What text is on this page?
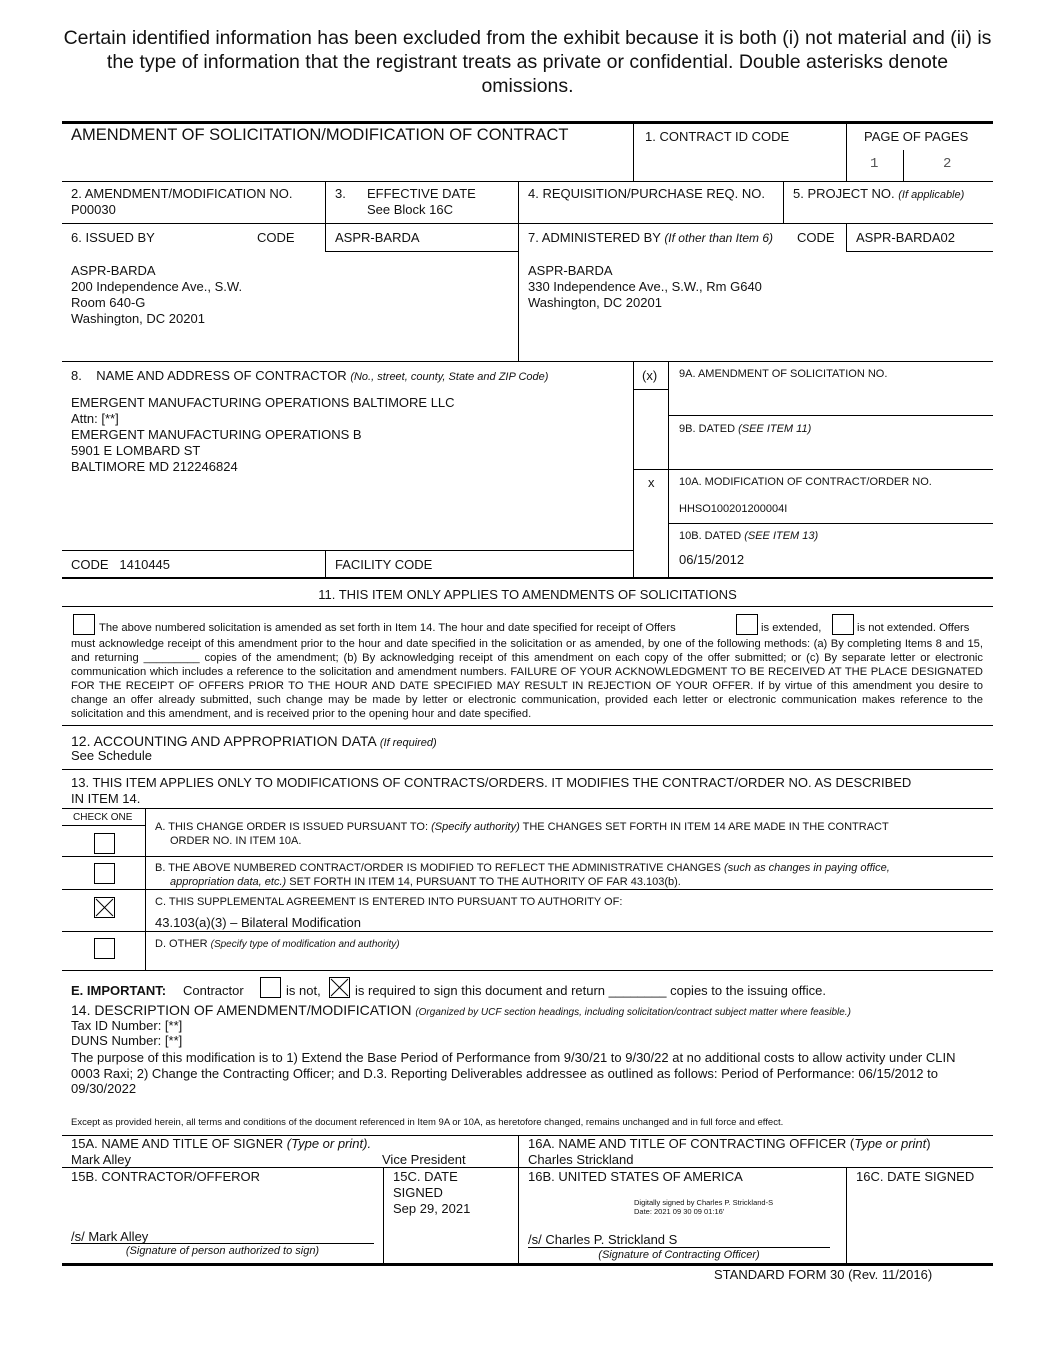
Certain identified information has been excluded from the exhibit because it is both (i) not material and (ii) is the type of information that the registrant treats as private or confidential. Double asterisks denote omissions.
AMENDMENT OF SOLICITATION/MODIFICATION OF CONTRACT	1. CONTRACT ID CODE	PAGE OF PAGES
1	2
2. AMENDMENT/MODIFICATION NO.
P00030
3. EFFECTIVE DATE
See Block 16C
4. REQUISITION/PURCHASE REQ. NO. 5. PROJECT NO. (If applicable)
6. ISSUED BY	CODE	ASPR-BARDA
ASPR-BARDA
200 Independence Ave., S.W.
Room 640-G
Washington, DC 20201
7. ADMINISTERED BY (If other than Item 6) CODE ASPR-BARDA02
ASPR-BARDA
330 Independence Ave., S.W., Rm G640
Washington, DC 20201
8. NAME AND ADDRESS OF CONTRACTOR (No., street, county, State and ZIP Code)
EMERGENT MANUFACTURING OPERATIONS BALTIMORE LLC
Attn: [**]
EMERGENT MANUFACTURING OPERATIONS B
5901 E LOMBARD ST
BALTIMORE MD 212246824
(x) 9A. AMENDMENT OF SOLICITATION NO.
9B. DATED (SEE ITEM 11)
x 10A. MODIFICATION OF CONTRACT/ORDER NO.
HHSO100201200004I
10B. DATED (SEE ITEM 13)
06/15/2012
CODE 1410445	FACILITY CODE
11. THIS ITEM ONLY APPLIES TO AMENDMENTS OF SOLICITATIONS
The above numbered solicitation is amended as set forth in Item 14. The hour and date specified for receipt of Offers	is extended,	is not extended. Offers
must acknowledge receipt of this amendment prior to the hour and date specified in the solicitation or as amended, by one of the following methods: (a) By completing Items 8 and 15, and returning _________ copies of the amendment; (b) By acknowledging receipt of this amendment on each copy of the offer submitted; or (c) By separate letter or electronic communication which includes a reference to the solicitation and amendment numbers. FAILURE OF YOUR ACKNOWLEDGMENT TO BE RECEIVED AT THE PLACE DESIGNATED FOR THE RECEIPT OF OFFERS PRIOR TO THE HOUR AND DATE SPECIFIED MAY RESULT IN REJECTION OF YOUR OFFER. If by virtue of this amendment you desire to change an offer already submitted, such change may be made by letter or electronic communication, provided each letter or electronic communication makes reference to the solicitation and this amendment, and is received prior to the opening hour and date specified.
12. ACCOUNTING AND APPROPRIATION DATA (If required)
See Schedule
13. THIS ITEM APPLIES ONLY TO MODIFICATIONS OF CONTRACTS/ORDERS. IT MODIFIES THE CONTRACT/ORDER NO. AS DESCRIBED
IN ITEM 14.
CHECK ONE
A. THIS CHANGE ORDER IS ISSUED PURSUANT TO: (Specify authority) THE CHANGES SET FORTH IN ITEM 14 ARE MADE IN THE CONTRACT
ORDER NO. IN ITEM 10A.
B. THE ABOVE NUMBERED CONTRACT/ORDER IS MODIFIED TO REFLECT THE ADMINISTRATIVE CHANGES (such as changes in paying office,
appropriation data, etc.) SET FORTH IN ITEM 14, PURSUANT TO THE AUTHORITY OF FAR 43.103(b).
C. THIS SUPPLEMENTAL AGREEMENT IS ENTERED INTO PURSUANT TO AUTHORITY OF:
43.103(a)(3) – Bilateral Modification
D. OTHER (Specify type of modification and authority)
E. IMPORTANT: Contractor	is not,	is required to sign this document and return ________ copies to the issuing office.
14. DESCRIPTION OF AMENDMENT/MODIFICATION (Organized by UCF section headings, including solicitation/contract subject matter where feasible.)
Tax ID Number: [**]
DUNS Number: [**]
The purpose of this modification is to 1) Extend the Base Period of Performance from 9/30/21 to 9/30/22 at no additional costs to allow activity under CLIN 0003 Raxi; 2) Change the Contracting Officer; and D.3. Reporting Deliverables addressee as outlined as follows: Period of Performance: 06/15/2012 to 09/30/2022
Except as provided herein, all terms and conditions of the document referenced in Item 9A or 10A, as heretofore changed, remains unchanged and in full force and effect.
15A. NAME AND TITLE OF SIGNER (Type or print).
Mark Alley	Vice President
16A. NAME AND TITLE OF CONTRACTING OFFICER (Type or print)
Charles Strickland
15B. CONTRACTOR/OFFEROR	15C. DATE
SIGNED
Sep 29, 2021
16B. UNITED STATES OF AMERICA	16C. DATE SIGNED
Digitally signed by Charles P. Strickland-S
Date: 2021 09 30 09 01:16'
/s/ Mark Alley
(Signature of person authorized to sign)
/s/ Charles P. Strickland S
(Signature of Contracting Officer)
STANDARD FORM 30 (Rev. 11/2016)
